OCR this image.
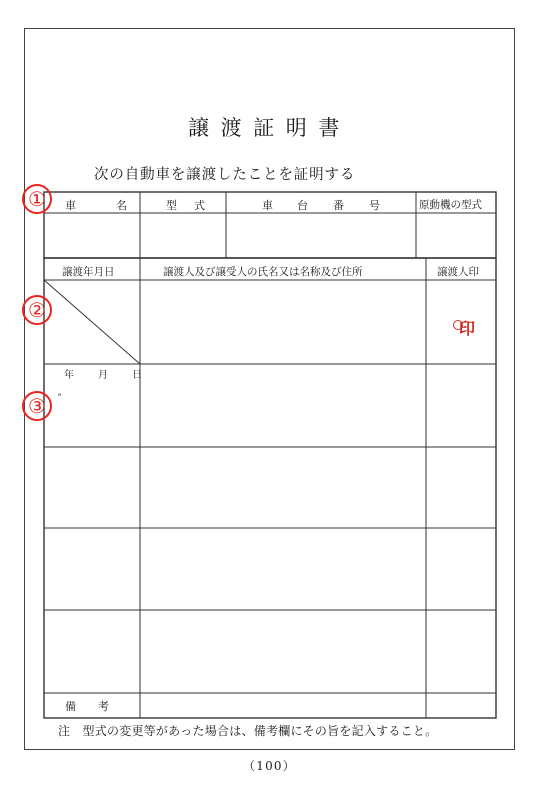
譲渡証明書
次の自動車を譲渡したことを証明する
車	名	型 式	車 台 番 号	原動機の型式
譲渡年月日	譲渡人及び譲受人の氏名又は名称及び住所	譲渡人印
年　月　日
備　　考
①
②
③	ᵉ
印
注　型式の変更等があった場合は、備考欄にその旨を記入すること。
（100）
